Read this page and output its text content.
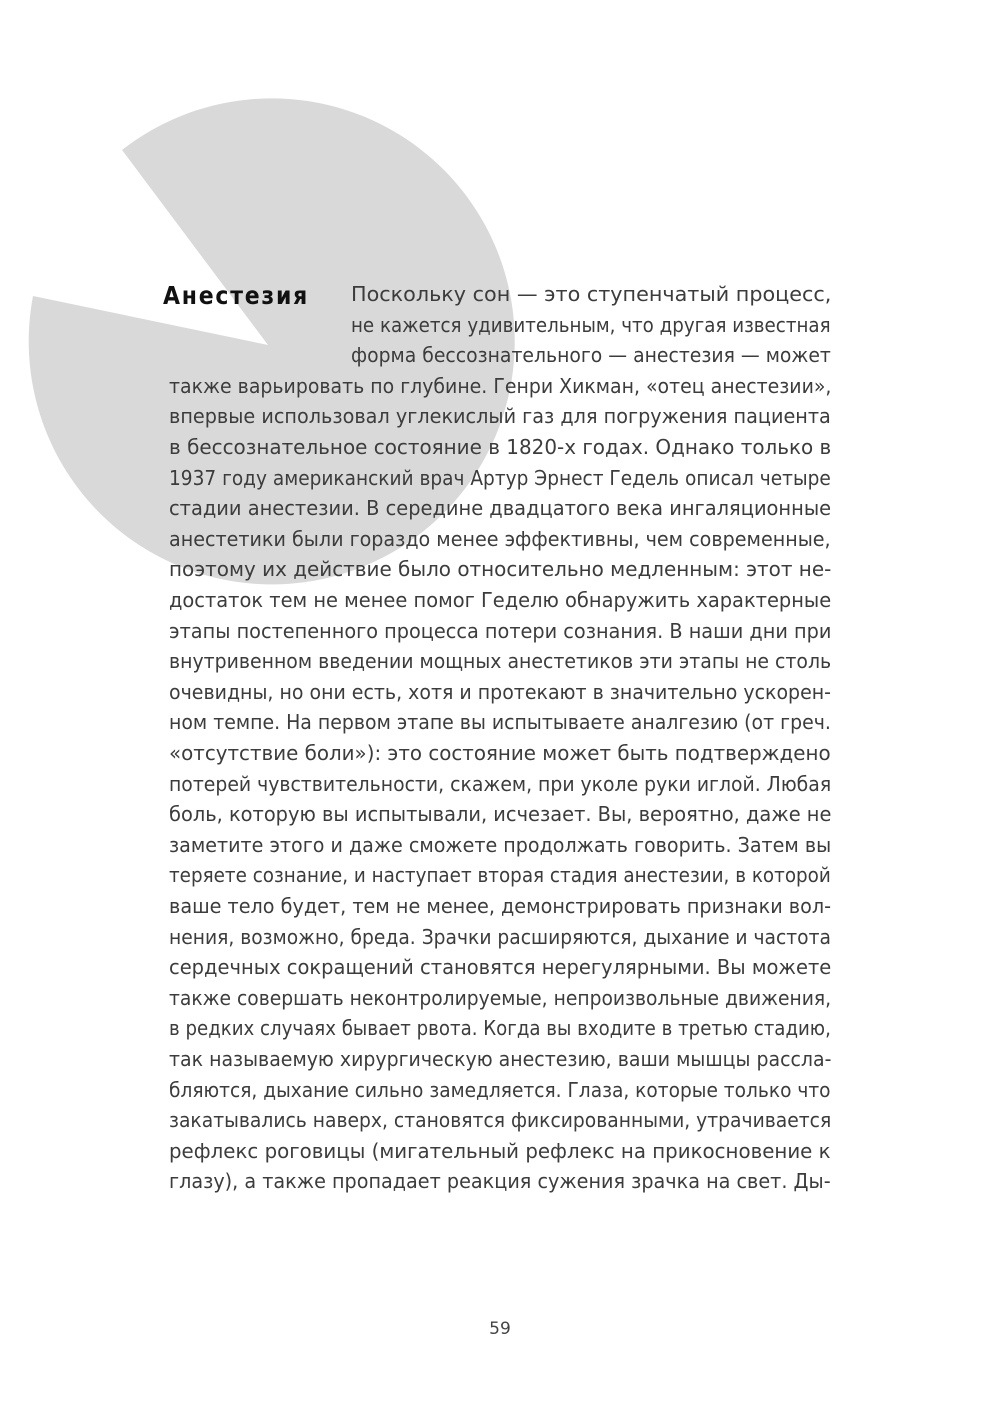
Анестезия Поскольку сон — это ступенчатый процесс,

не кажется удивительным, что другая известная

форма бессознательного — анестезия — может

также варьировать по глубине. Генри Хикман, «отец анестезии»,

впервые использовал углекислый газ для погружения пациента

в бессознательное состояние в 1820-х годах. Однако только в

1937 году американский врач Артур Эрнест Гедель описал четыре

стадии анестезии. В середине двадцатого века ингаляционные

анестетики были гораздо менее эффективны, чем современные,

поэтому их действие было относительно медленным: этот не-

достаток тем не менее помог Геделю обнаружить характерные

этапы постепенного процесса потери сознания. В наши дни при

внутривенном введении мощных анестетиков эти этапы не столь

очевидны, но они есть, хотя и протекают в значительно ускорен-

ном темпе. На первом этапе вы испытываете аналгезию (от греч.

«отсутствие боли»): это состояние может быть подтверждено

потерей чувствительности, скажем, при уколе руки иглой. Любая

боль, которую вы испытывали, исчезает. Вы, вероятно, даже не

заметите этого и даже сможете продолжать говорить. Затем вы

теряете сознание, и наступает вторая стадия анестезии, в которой

ваше тело будет, тем не менее, демонстрировать признаки вол-

нения, возможно, бреда. Зрачки расширяются, дыхание и частота

сердечных сокращений становятся нерегулярными. Вы можете

также совершать неконтролируемые, непроизвольные движения,

в редких случаях бывает рвота. Когда вы входите в третью стадию,

так называемую хирургическую анестезию, ваши мышцы рассла-

бляются, дыхание сильно замедляется. Глаза, которые только что

закатывались наверх, становятся фиксированными, утрачивается

рефлекс роговицы (мигательный рефлекс на прикосновение к

глазу), а также пропадает реакция сужения зрачка на свет. Ды-

59
